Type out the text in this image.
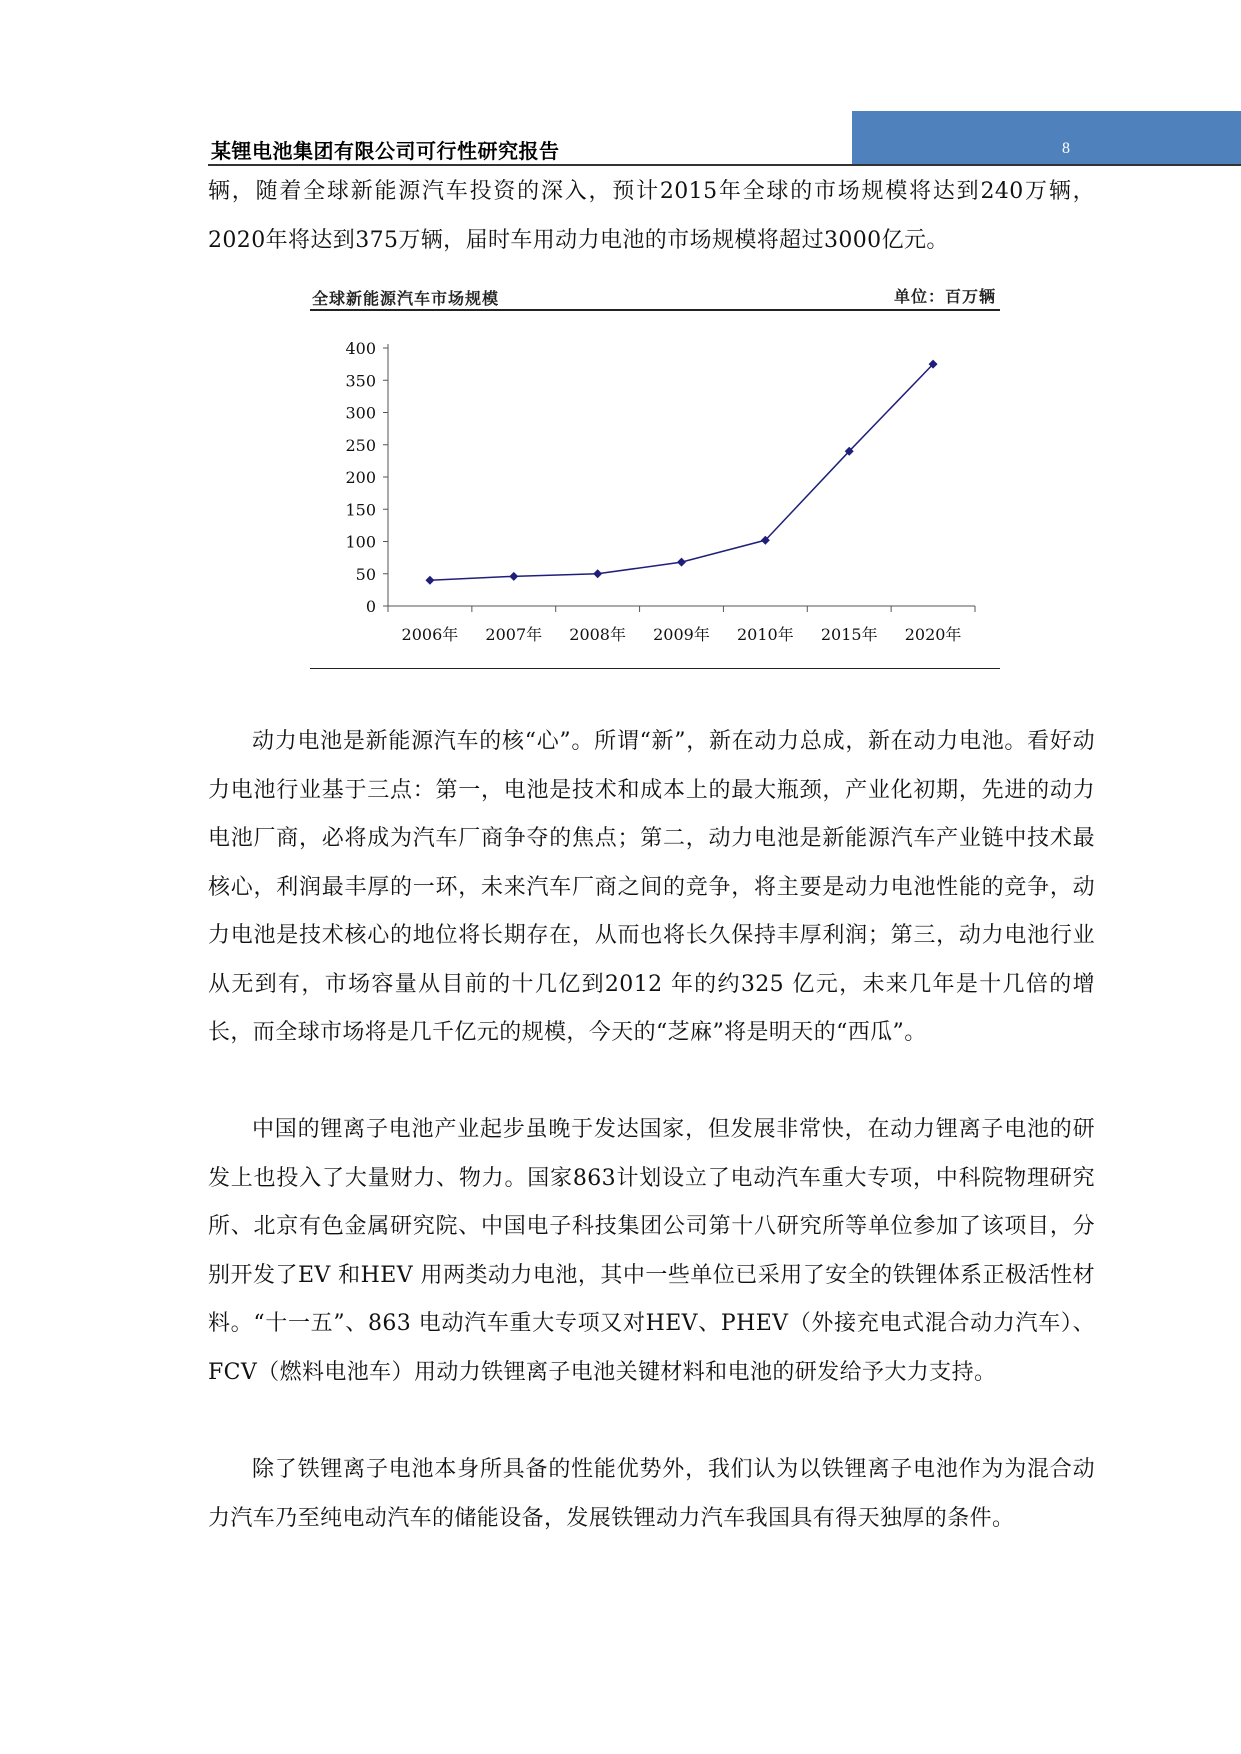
8
某锂电池集团有限公司可行性研究报告

辆，随着全球新能源汽车投资的深入，预计2015年全球的市场规模将达到240万辆，2020年将达到375万辆，届时车用动力电池的市场规模将超过3000亿元。

全球新能源汽车市场规模	单位：百万辆
0
50
100
150
200
250
300
350
400
2006年 2007年 2008年 2009年 2010年 2015年 2020年

动力电池是新能源汽车的核“心”。所谓“新”，新在动力总成，新在动力电池。看好动力电池行业基于三点：第一，电池是技术和成本上的最大瓶颈，产业化初期，先进的动力电池厂商，必将成为汽车厂商争夺的焦点；第二，动力电池是新能源汽车产业链中技术最核心，利润最丰厚的一环，未来汽车厂商之间的竞争，将主要是动力电池性能的竞争，动力电池是技术核心的地位将长期存在，从而也将长久保持丰厚利润；第三，动力电池行业从无到有，市场容量从目前的十几亿到2012 年的约325 亿元，未来几年是十几倍的增长，而全球市场将是几千亿元的规模，今天的“芝麻”将是明天的“西瓜”。

中国的锂离子电池产业起步虽晚于发达国家，但发展非常快，在动力锂离子电池的研发上也投入了大量财力、物力。国家863计划设立了电动汽车重大专项，中科院物理研究所、北京有色金属研究院、中国电子科技集团公司第十八研究所等单位参加了该项目，分别开发了EV 和HEV 用两类动力电池，其中一些单位已采用了安全的铁锂体系正极活性材料。“十一五”、863 电动汽车重大专项又对HEV、PHEV（外接充电式混合动力汽车）、FCV（燃料电池车）用动力铁锂离子电池关键材料和电池的研发给予大力支持。

除了铁锂离子电池本身所具备的性能优势外，我们认为以铁锂离子电池作为为混合动力汽车乃至纯电动汽车的储能设备，发展铁锂动力汽车我国具有得天独厚的条件。
